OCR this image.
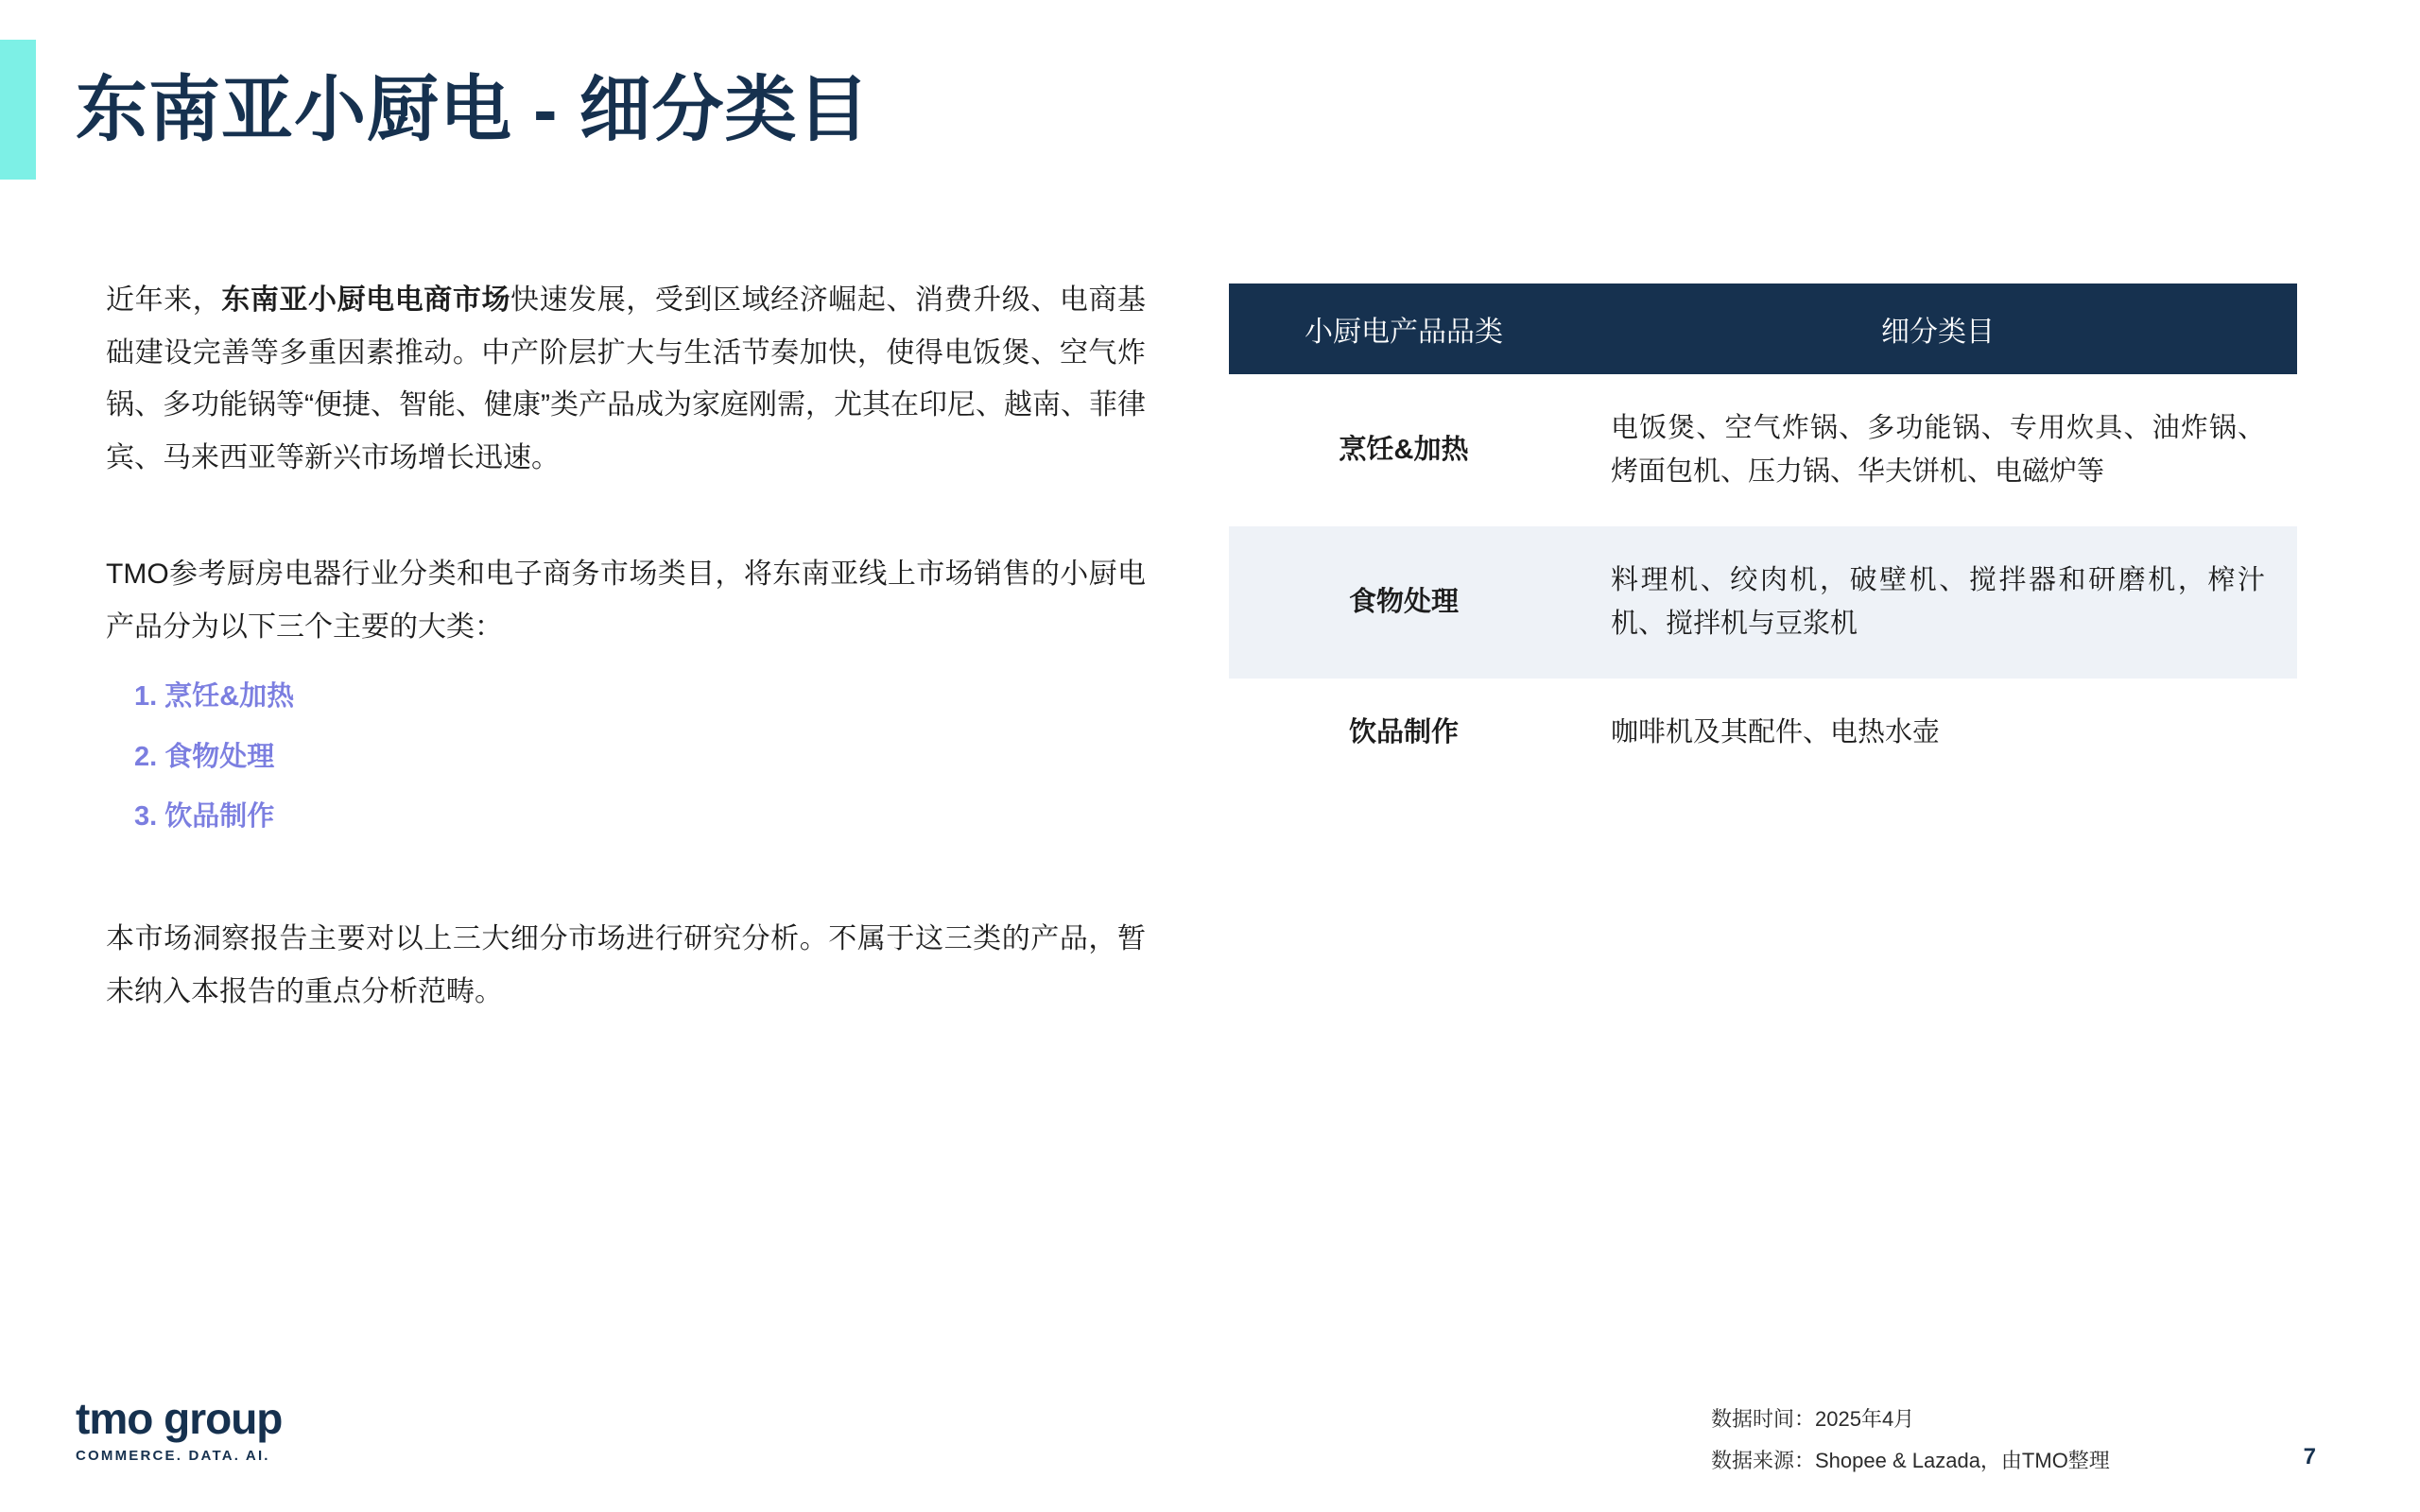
东南亚小厨电 - 细分类目

近年来，东南亚小厨电电商市场快速发展，受到区域经济崛起、消费升级、电商基础建设完善等多重因素推动。中产阶层扩大与生活节奏加快，使得电饭煲、空气炸锅、多功能锅等“便捷、智能、健康”类产品成为家庭刚需，尤其在印尼、越南、菲律宾、马来西亚等新兴市场增长迅速。

TMO参考厨房电器行业分类和电子商务市场类目，将东南亚线上市场销售的小厨电产品分为以下三个主要的大类：

1. 烹饪&加热
2. 食物处理
3. 饮品制作

本市场洞察报告主要对以上三大细分市场进行研究分析。不属于这三类的产品，暂未纳入本报告的重点分析范畴。

小厨电产品品类	细分类目
烹饪&加热	电饭煲、空气炸锅、多功能锅、专用炊具、油炸锅、烤面包机、压力锅、华夫饼机、电磁炉等
食物处理	料理机、绞肉机，破壁机、搅拌器和研磨机，榨汁机、搅拌机与豆浆机
饮品制作	咖啡机及其配件、电热水壶
tmo group
COMMERCE. DATA. AI.
数据时间：2025年4月
数据来源：Shopee & Lazada，由TMO整理	7
